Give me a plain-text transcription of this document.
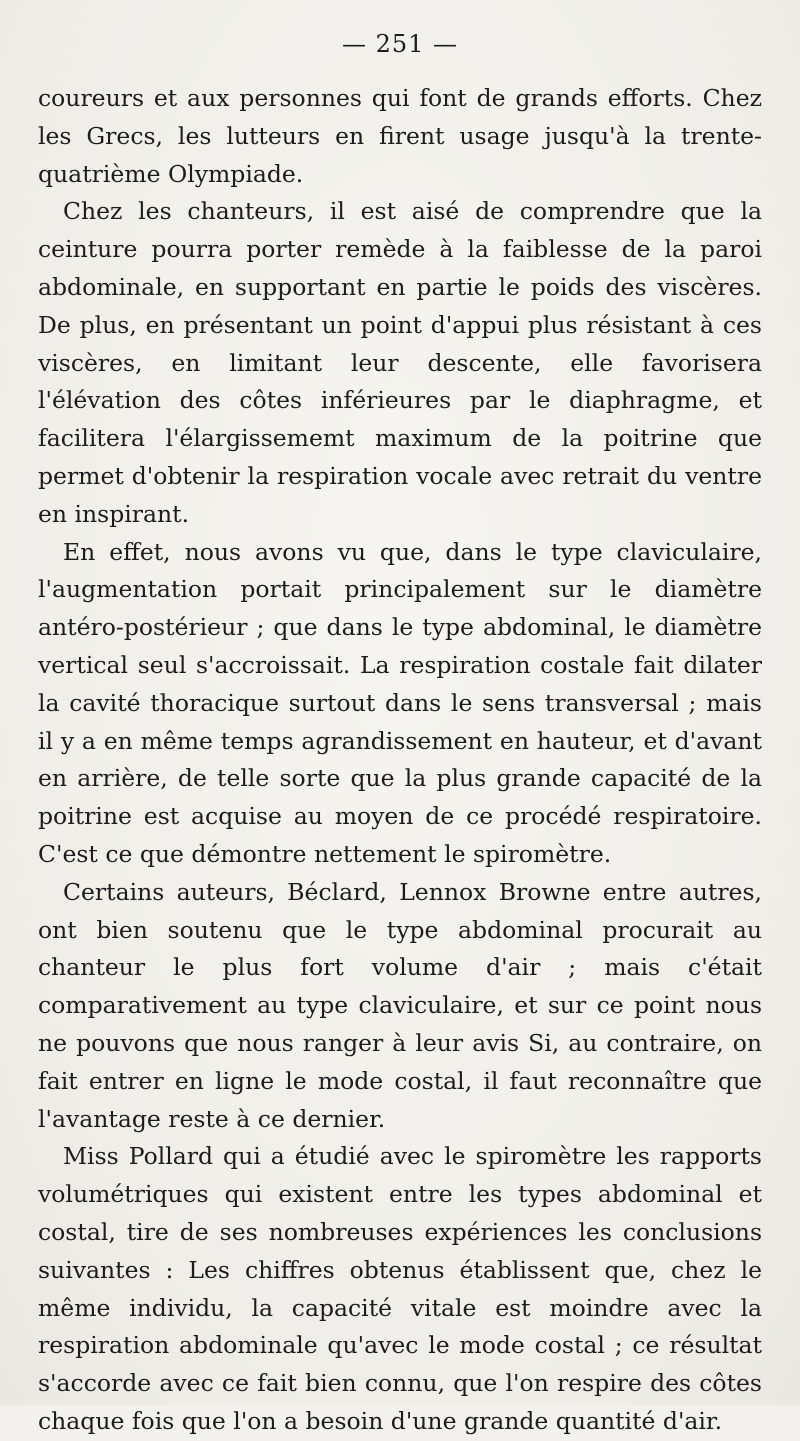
— 251 —

coureurs et aux personnes qui font de grands efforts. Chez les Grecs, les lutteurs en firent usage jusqu'à la trente-quatrième Olympiade.

Chez les chanteurs, il est aisé de comprendre que la ceinture pourra porter remède à la faiblesse de la paroi abdominale, en supportant en partie le poids des viscères. De plus, en présentant un point d'appui plus résistant à ces viscères, en limitant leur descente, elle favorisera l'élévation des côtes inférieures par le diaphragme, et facilitera l'élargissememt maximum de la poitrine que permet d'obtenir la respiration vocale avec retrait du ventre en inspirant.

En effet, nous avons vu que, dans le type claviculaire, l'augmentation portait principalement sur le diamètre antéro-postérieur ; que dans le type abdominal, le diamètre vertical seul s'accroissait. La respiration costale fait dilater la cavité thoracique surtout dans le sens transversal ; mais il y a en même temps agrandissement en hauteur, et d'avant en arrière, de telle sorte que la plus grande capacité de la poitrine est acquise au moyen de ce procédé respiratoire. C'est ce que démontre nettement le spiromètre.

Certains auteurs, Béclard, Lennox Browne entre autres, ont bien soutenu que le type abdominal procurait au chanteur le plus fort volume d'air ; mais c'était comparativement au type claviculaire, et sur ce point nous ne pouvons que nous ranger à leur avis Si, au contraire, on fait entrer en ligne le mode costal, il faut reconnaître que l'avantage reste à ce dernier.

Miss Pollard qui a étudié avec le spiromètre les rapports volumétriques qui existent entre les types abdominal et costal, tire de ses nombreuses expériences les conclusions suivantes : Les chiffres obtenus établissent que, chez le même individu, la capacité vitale est moindre avec la respiration abdominale qu'avec le mode costal ; ce résultat s'accorde avec ce fait bien connu, que l'on respire des côtes chaque fois que l'on a besoin d'une grande quantité d'air.
